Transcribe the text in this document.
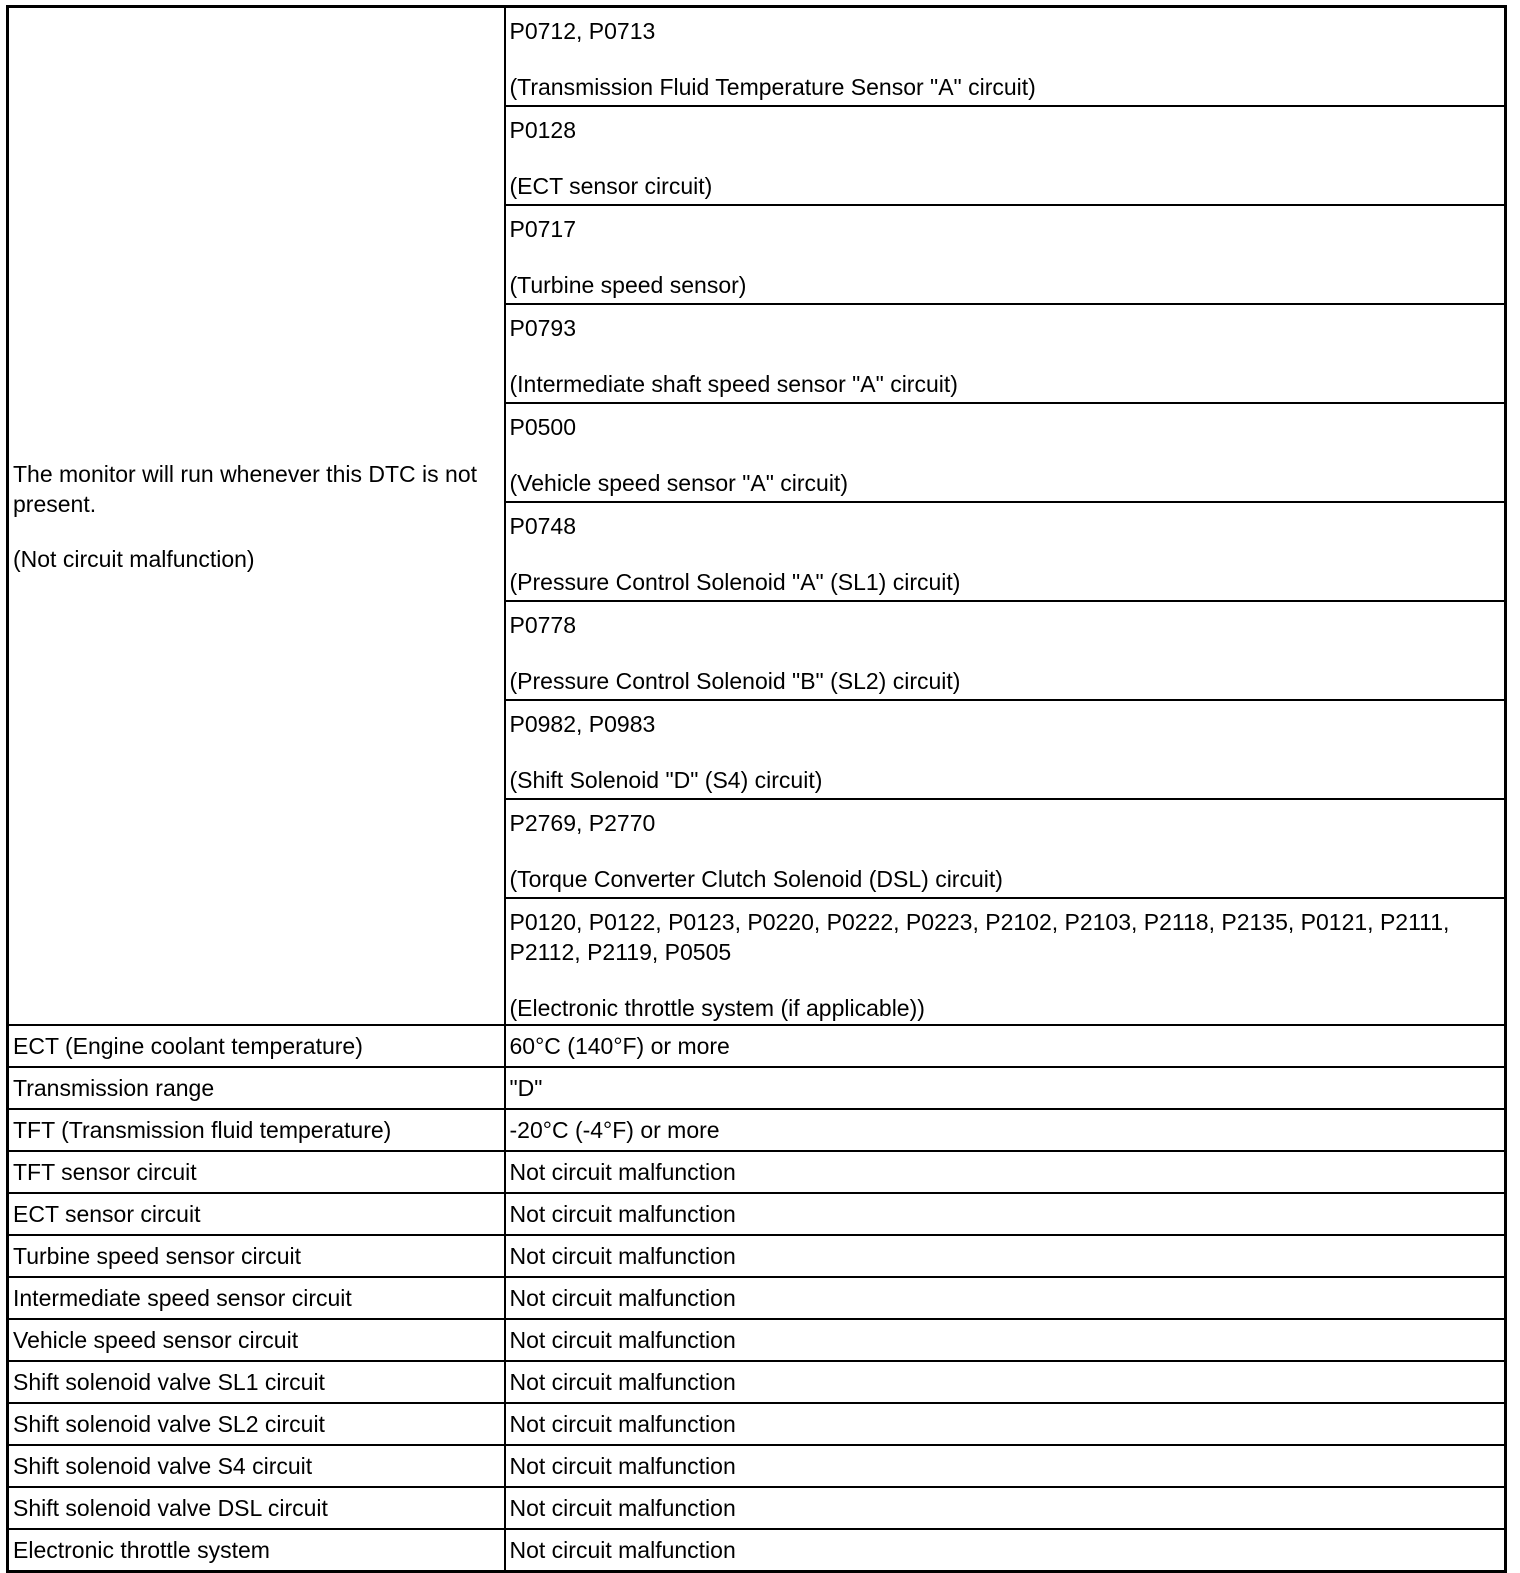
The monitor will run whenever this DTC is not present.
(Not circuit malfunction)	P0712, P0713
(Transmission Fluid Temperature Sensor "A" circuit)

	P0128
(ECT sensor circuit)

	P0717
(Turbine speed sensor)

	P0793
(Intermediate shaft speed sensor "A" circuit)

	P0500
(Vehicle speed sensor "A" circuit)

	P0748
(Pressure Control Solenoid "A" (SL1) circuit)

	P0778
(Pressure Control Solenoid "B" (SL2) circuit)

	P0982, P0983
(Shift Solenoid "D" (S4) circuit)

	P2769, P2770
(Torque Converter Clutch Solenoid (DSL) circuit)

	P0120, P0122, P0123, P0220, P0222, P0223, P2102, P2103, P2118, P2135, P0121, P2111, P2112, P2119, P0505
(Electronic throttle system (if applicable))

ECT (Engine coolant temperature)	60°C (140°F) or more
Transmission range	"D"
TFT (Transmission fluid temperature)	-20°C (-4°F) or more
TFT sensor circuit	Not circuit malfunction
ECT sensor circuit	Not circuit malfunction
Turbine speed sensor circuit	Not circuit malfunction
Intermediate speed sensor circuit	Not circuit malfunction
Vehicle speed sensor circuit	Not circuit malfunction
Shift solenoid valve SL1 circuit	Not circuit malfunction
Shift solenoid valve SL2 circuit	Not circuit malfunction
Shift solenoid valve S4 circuit	Not circuit malfunction
Shift solenoid valve DSL circuit	Not circuit malfunction
Electronic throttle system	Not circuit malfunction
